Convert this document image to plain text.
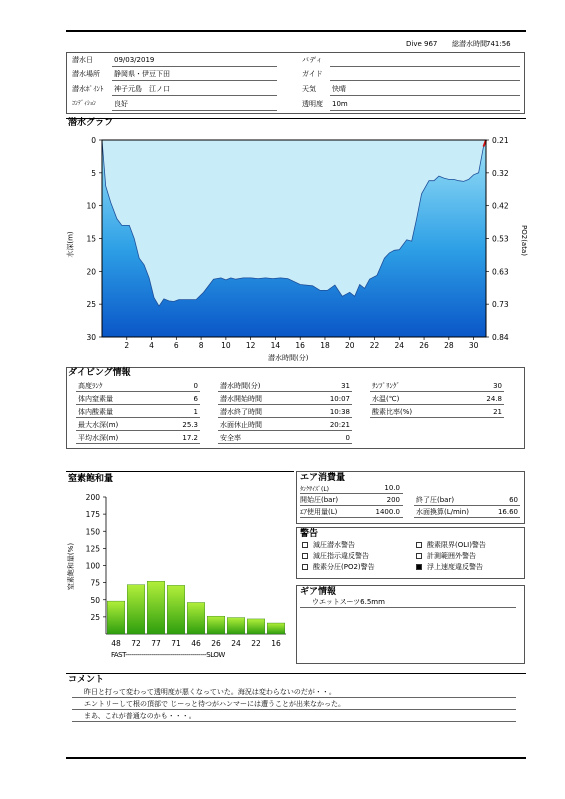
Dive 967 総潜水時間 741:56
潜水日	09/03/2019
潜水場所 静岡県・伊豆下田
潜水ﾎﾟｲﾝﾄ 神子元島　江ノ口
ｺﾝﾃﾞｨｼｮﾝ	良好
バディ
ガイド
天気 快晴
透明度 10m
潜水グラフ
0
5
10
15
20
25
30
0.21
0.32
0.42
0.53
0.63
0.73
0.84
2	4	6	8 10 12 14 16 18 20 22 24 26 28 30
水深(m)	PO2(ata)
潜水時間(分)
ダイビング情報
高度ﾗﾝｸ	0
体内窒素量	6
体内酸素量	1
最大水深(m)	25.3
平均水深(m)	17.2
潜水時間(分)	31
潜水開始時間	10:07
潜水終了時間	10:38
水面休止時間	20:21
安全率	0
ｻﾝﾌﾟﾘﾝｸﾞ	30
水温(℃)	24.8
酸素比率(%)	21
窒素飽和量
200
175
150
125
100
75
50
25
48 72 77 71 46 26 24 22 16
窒素飽和量(%)
FAST----------------------------------------SLOW
エア消費量
ﾀﾝｸｻｲｽﾞ(L)	10.0
開始圧(bar)	200 終了圧(bar)	60
ｴｱ使用量(L)	1400.0 水面換算(L/min)	16.60
警告
減圧潜水警告	酸素限界(OLI)警告
減圧指示違反警告	計測範囲外警告
酸素分圧(PO2)警告	浮上速度違反警告
ギア情報
ウエットスーツ6.5mm
コメント
昨日と打って変わって透明度が悪くなっていた。海況は変わらないのだが・・。
エントリーして根の頂部で じーっと待つがハンマーには遭うことが出来なかった。
まあ、これが普通なのかも・・・。
